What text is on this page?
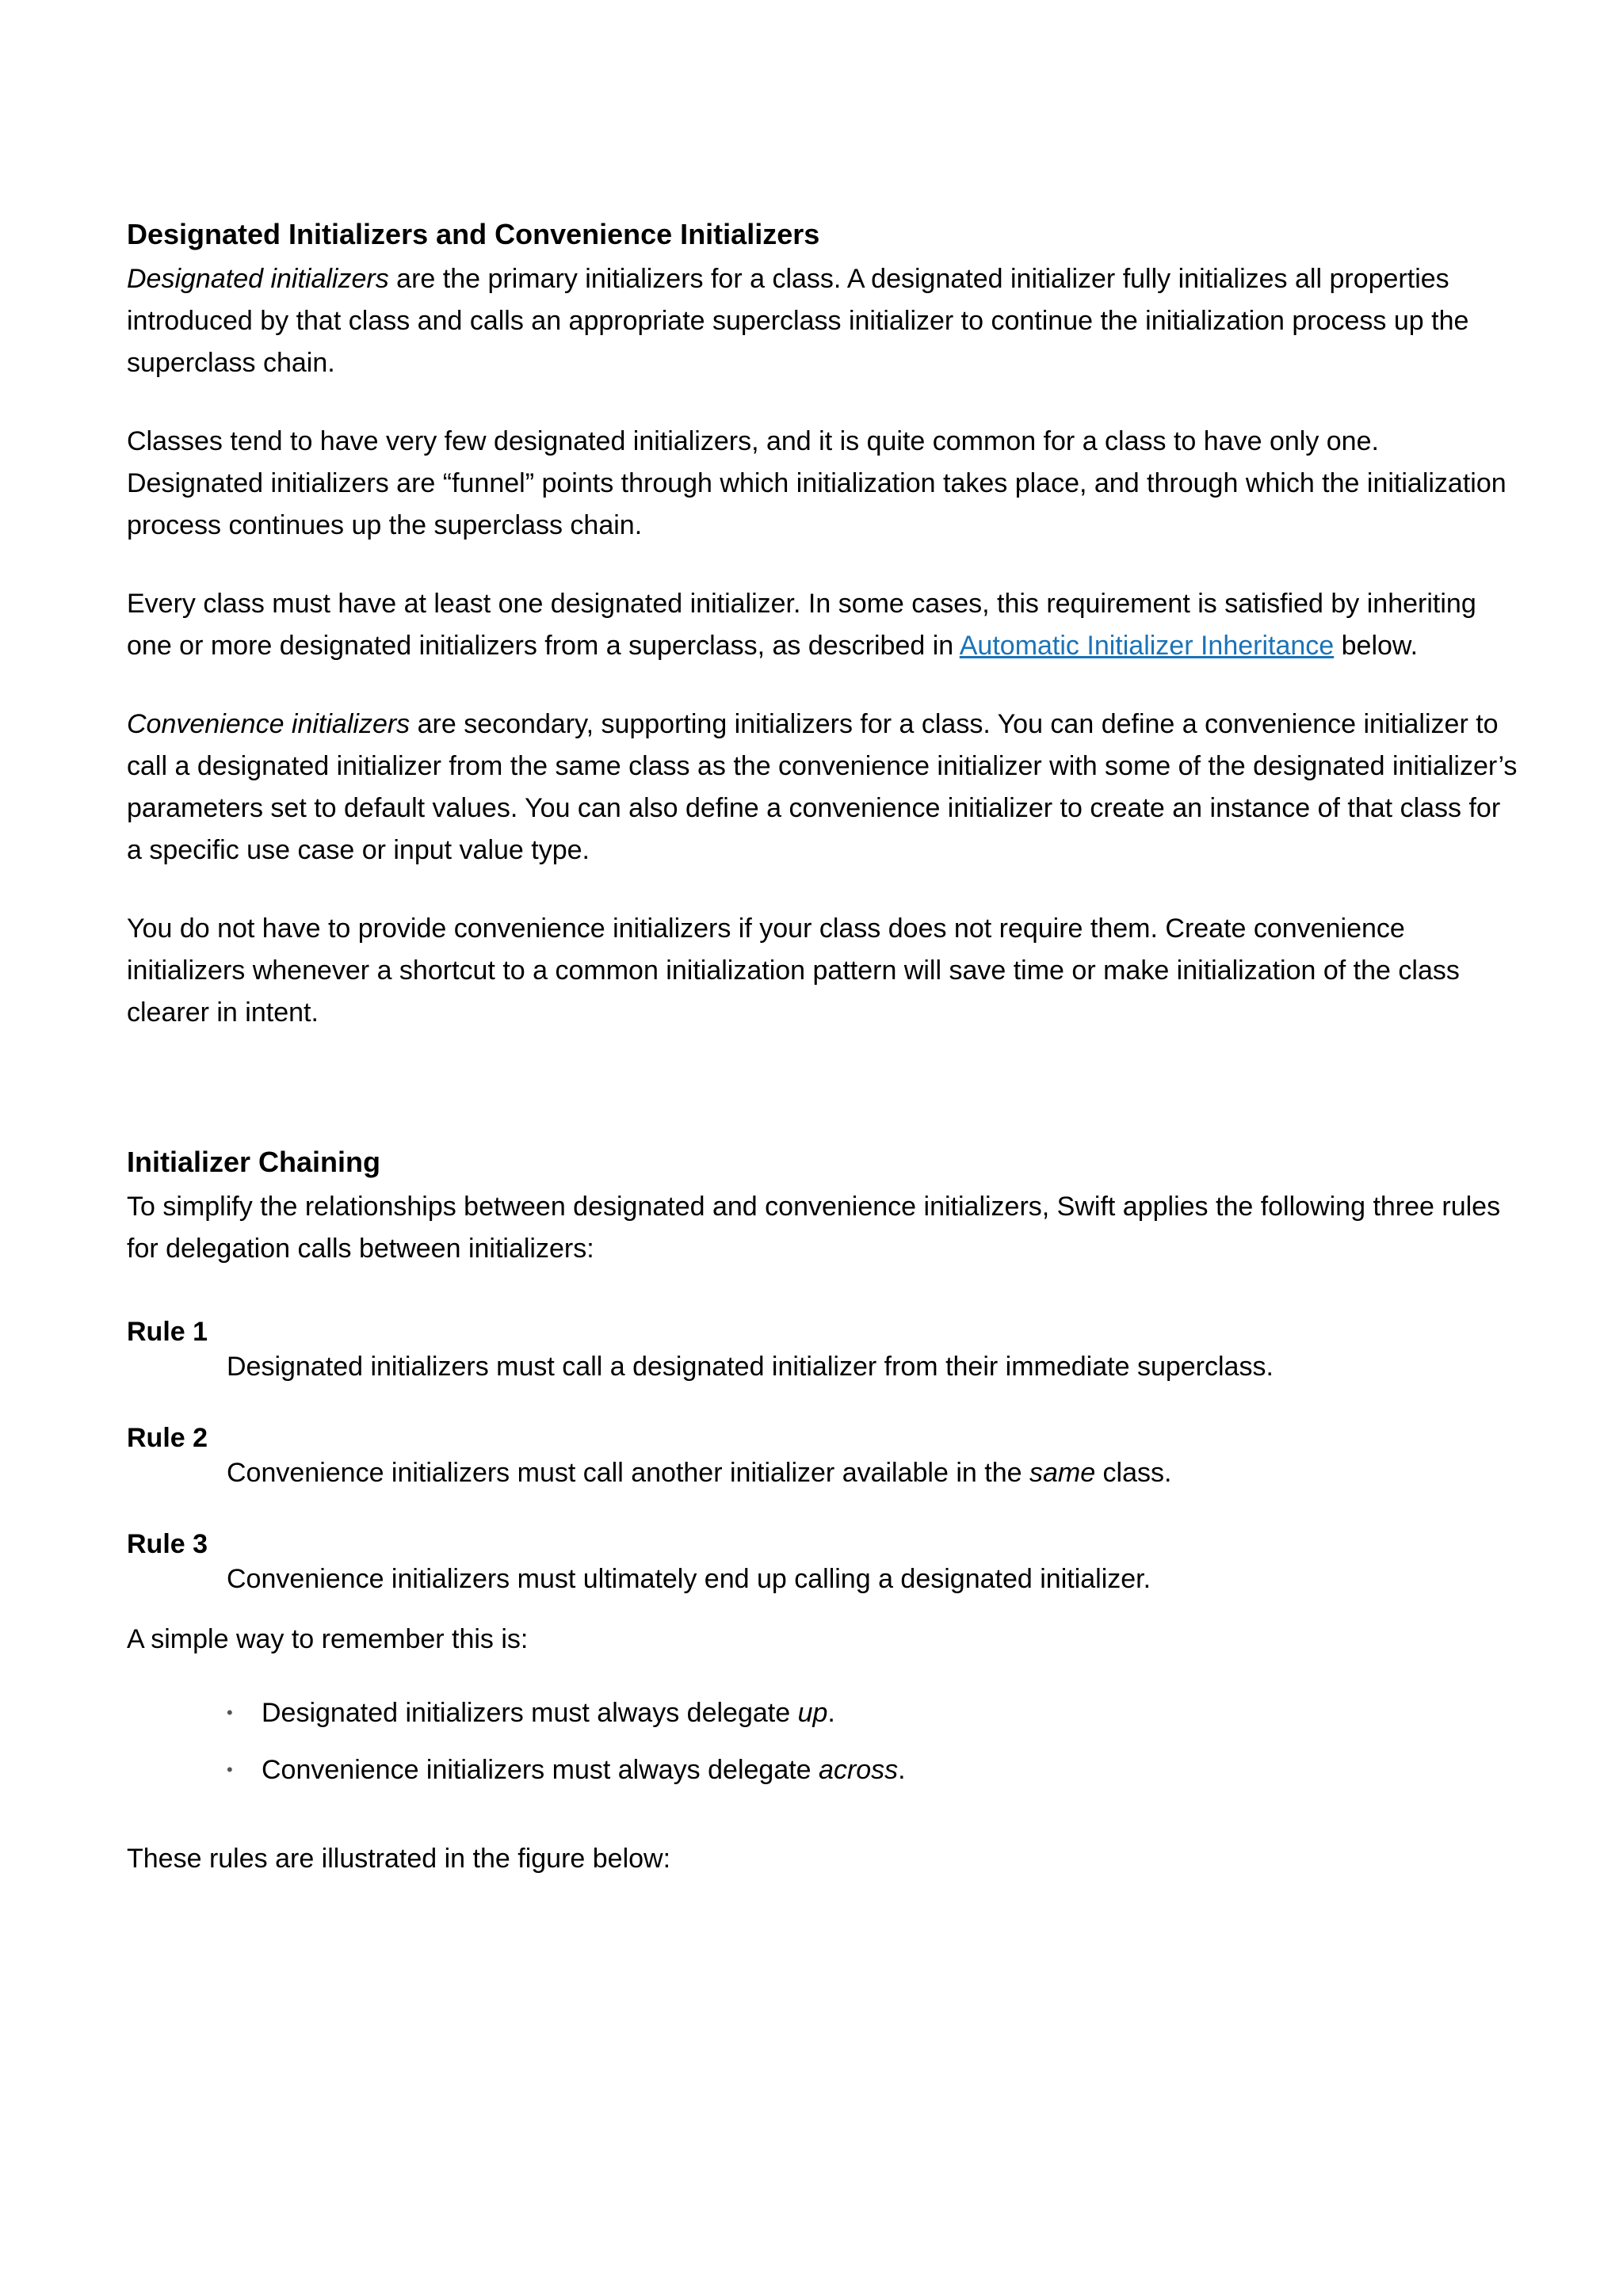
Designated Initializers and Convenience Initializers

Designated initializers are the primary initializers for a class. A designated initializer fully initializes all properties introduced by that class and calls an appropriate superclass initializer to continue the initialization process up the superclass chain.

Classes tend to have very few designated initializers, and it is quite common for a class to have only one. Designated initializers are “funnel” points through which initialization takes place, and through which the initialization process continues up the superclass chain.

Every class must have at least one designated initializer. In some cases, this requirement is satisfied by inheriting one or more designated initializers from a superclass, as described in Automatic Initializer Inheritance below.

Convenience initializers are secondary, supporting initializers for a class. You can define a convenience initializer to call a designated initializer from the same class as the convenience initializer with some of the designated initializer’s parameters set to default values. You can also define a convenience initializer to create an instance of that class for a specific use case or input value type.

You do not have to provide convenience initializers if your class does not require them. Create convenience initializers whenever a shortcut to a common initialization pattern will save time or make initialization of the class clearer in intent.

Initializer Chaining

To simplify the relationships between designated and convenience initializers, Swift applies the following three rules for delegation calls between initializers:

Rule 1
Designated initializers must call a designated initializer from their immediate superclass.
Rule 2
Convenience initializers must call another initializer available in the same class.
Rule 3
Convenience initializers must ultimately end up calling a designated initializer.

A simple way to remember this is:

•	Designated initializers must always delegate up.
•	Convenience initializers must always delegate across.

These rules are illustrated in the figure below:
